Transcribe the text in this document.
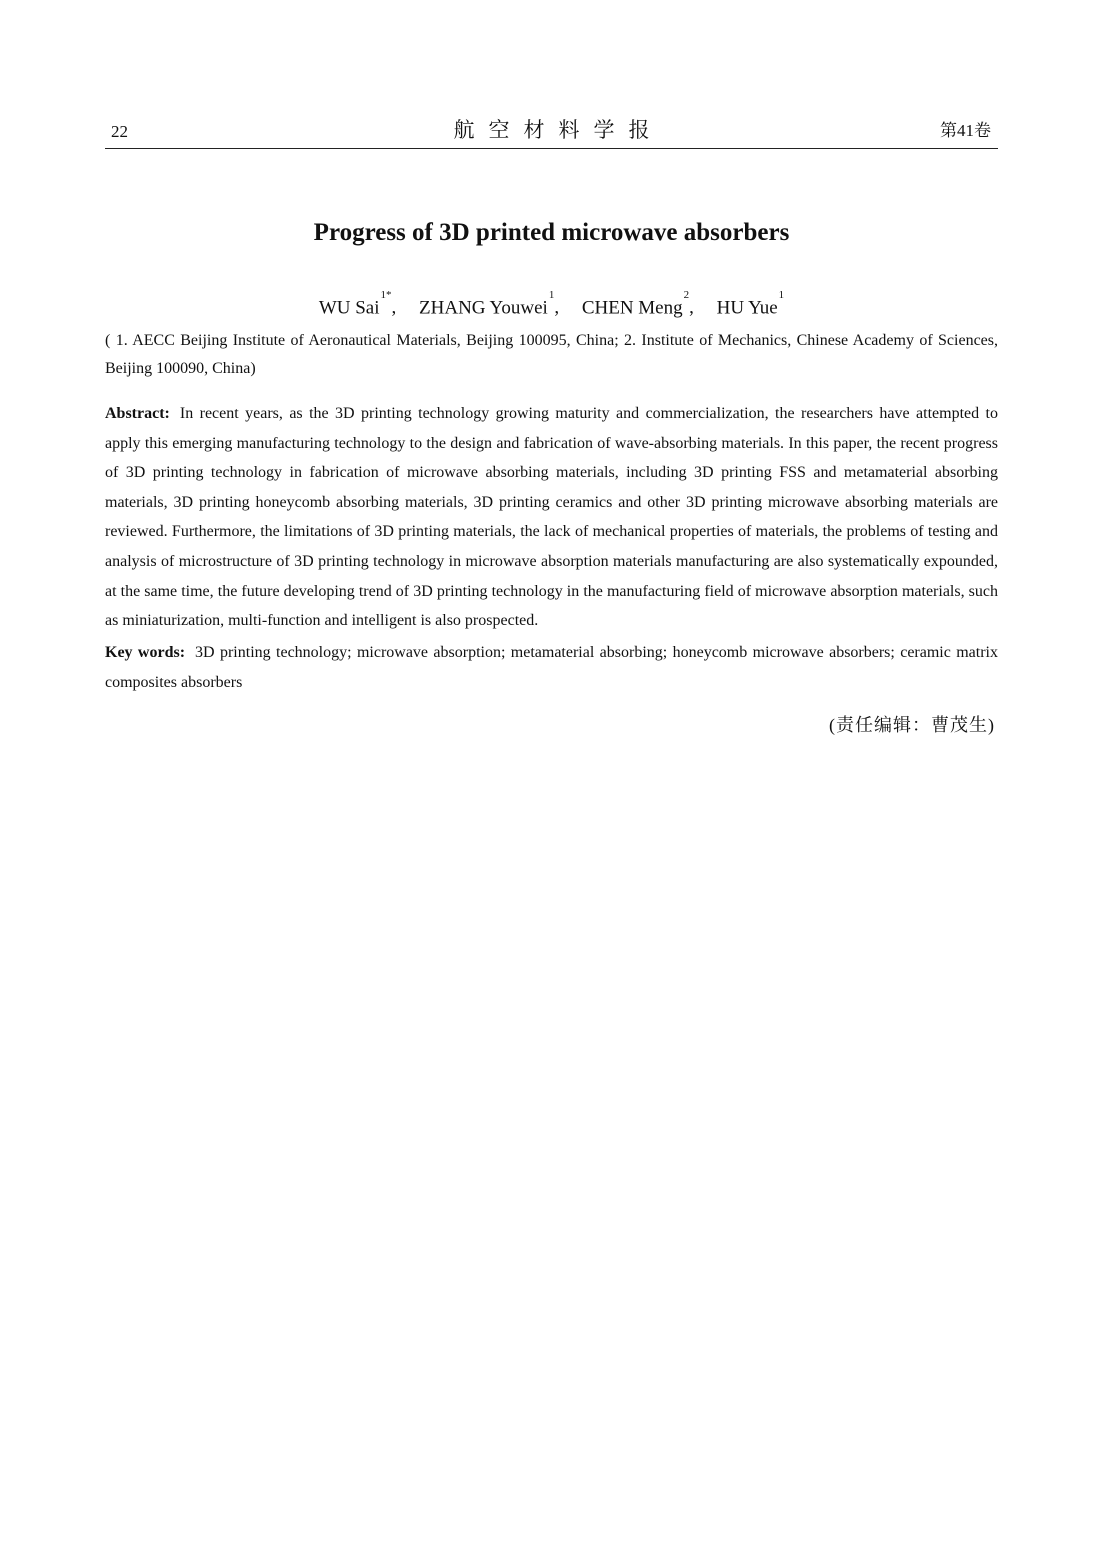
22	航空材料学报	第41卷
Progress of 3D printed microwave absorbers
WU Sai$^{1*}$, ZHANG Youwei$^1$, CHEN Meng$^2$, HU Yue$^1$
( 1. AECC Beijing Institute of Aeronautical Materials, Beijing 100095, China; 2. Institute of Mechanics, Chinese Academy of Sciences, Beijing 100090, China)
Abstract: In recent years, as the 3D printing technology growing maturity and commercialization, the researchers have attempted to apply this emerging manufacturing technology to the design and fabrication of wave-absorbing materials. In this paper, the recent progress of 3D printing technology in fabrication of microwave absorbing materials, including 3D printing FSS and metamaterial absorbing materials, 3D printing honeycomb absorbing materials, 3D printing ceramics and other 3D printing microwave absorbing materials are reviewed. Furthermore, the limitations of 3D printing materials, the lack of mechanical properties of materials, the problems of testing and analysis of microstructure of 3D printing technology in microwave absorption materials manufacturing are also systematically expounded, at the same time, the future developing trend of 3D printing technology in the manufacturing field of microwave absorption materials, such as miniaturization, multi-function and intelligent is also prospected.
Key words: 3D printing technology; microwave absorption; metamaterial absorbing; honeycomb microwave absorbers; ceramic matrix composites absorbers
(责任编辑：曹茂生)
